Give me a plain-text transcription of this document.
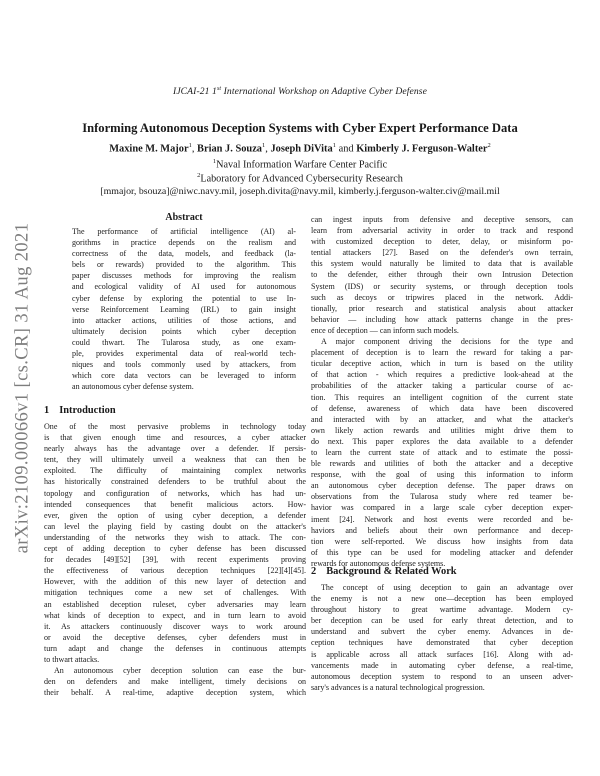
arXiv:2109.00066v1 [cs.CR] 31 Aug 2021
IJCAI-21 1st International Workshop on Adaptive Cyber Defense
Informing Autonomous Deception Systems with Cyber Expert Performance Data
Maxine M. Major$^1$, Brian J. Souza$^1$, Joseph DiVita$^1$ and Kimberly J. Ferguson-Walter$^2$
$^1$Naval Information Warfare Center Pacific
$^2$Laboratory for Advanced Cybersecurity Research
[mmajor, bsouza]@niwc.navy.mil, joseph.divita@navy.mil, kimberly.j.ferguson-walter.civ@mail.mil
Abstract
The performance of artificial intelligence (AI) al-
gorithms in practice depends on the realism and
correctness of the data, models, and feedback (la-
bels or rewards) provided to the algorithm. This
paper discusses methods for improving the realism
and ecological validity of AI used for autonomous
cyber defense by exploring the potential to use In-
verse Reinforcement Learning (IRL) to gain insight
into attacker actions, utilities of those actions, and
ultimately decision points which cyber deception
could thwart. The Tularosa study, as one exam-
ple, provides experimental data of real-world tech-
niques and tools commonly used by attackers, from
which core data vectors can be leveraged to inform
an autonomous cyber defense system.
1 Introduction
One of the most pervasive problems in technology today
is that given enough time and resources, a cyber attacker
nearly always has the advantage over a defender. If persis-
tent, they will ultimately unveil a weakness that can then be
exploited. The difficulty of maintaining complex networks
has historically constrained defenders to be truthful about the
topology and configuration of networks, which has had un-
intended consequences that benefit malicious actors. How-
ever, given the option of using cyber deception, a defender
can level the playing field by casting doubt on the attacker's
understanding of the networks they wish to attack. The con-
cept of adding deception to cyber defense has been discussed
for decades [49][52] [39], with recent experiments proving
the effectiveness of various deception techniques [22][4][45].
However, with the addition of this new layer of detection and
mitigation techniques come a new set of challenges. With
an established deception ruleset, cyber adversaries may learn
what kinds of deception to expect, and in turn learn to avoid
it. As attackers continuously discover ways to work around
or avoid the deceptive defenses, cyber defenders must in
turn adapt and change the defenses in continuous attempts
to thwart attacks.
An autonomous cyber deception solution can ease the bur-
den on defenders and make intelligent, timely decisions on
their behalf. A real-time, adaptive deception system, which
can ingest inputs from defensive and deceptive sensors, can
learn from adversarial activity in order to track and respond
with customized deception to deter, delay, or misinform po-
tential attackers [27]. Based on the defender's own terrain,
this system would naturally be limited to data that is available
to the defender, either through their own Intrusion Detection
System (IDS) or security systems, or through deception tools
such as decoys or tripwires placed in the network. Addi-
tionally, prior research and statistical analysis about attacker
behavior — including how attack patterns change in the pres-
ence of deception — can inform such models.
A major component driving the decisions for the type and
placement of deception is to learn the reward for taking a par-
ticular deceptive action, which in turn is based on the utility
of that action - which requires a predictive look-ahead at the
probabilities of the attacker taking a particular course of ac-
tion. This requires an intelligent cognition of the current state
of defense, awareness of which data have been discovered
and interacted with by an attacker, and what the attacker's
own likely action rewards and utilities might drive them to
do next. This paper explores the data available to a defender
to learn the current state of attack and to estimate the possi-
ble rewards and utilities of both the attacker and a deceptive
response, with the goal of using this information to inform
an autonomous cyber deception defense. The paper draws on
observations from the Tularosa study where red teamer be-
havior was compared in a large scale cyber deception exper-
iment [24]. Network and host events were recorded and be-
haviors and beliefs about their own performance and decep-
tion were self-reported. We discuss how insights from data
of this type can be used for modeling attacker and defender
rewards for autonomous defense systems.
2 Background & Related Work
The concept of using deception to gain an advantage over
the enemy is not a new one—deception has been employed
throughout history to great wartime advantage. Modern cy-
ber deception can be used for early threat detection, and to
understand and subvert the cyber enemy. Advances in de-
ception techniques have demonstrated that cyber deception
is applicable across all attack surfaces [16]. Along with ad-
vancements made in automating cyber defense, a real-time,
autonomous deception system to respond to an unseen adver-
sary's advances is a natural technological progression.
